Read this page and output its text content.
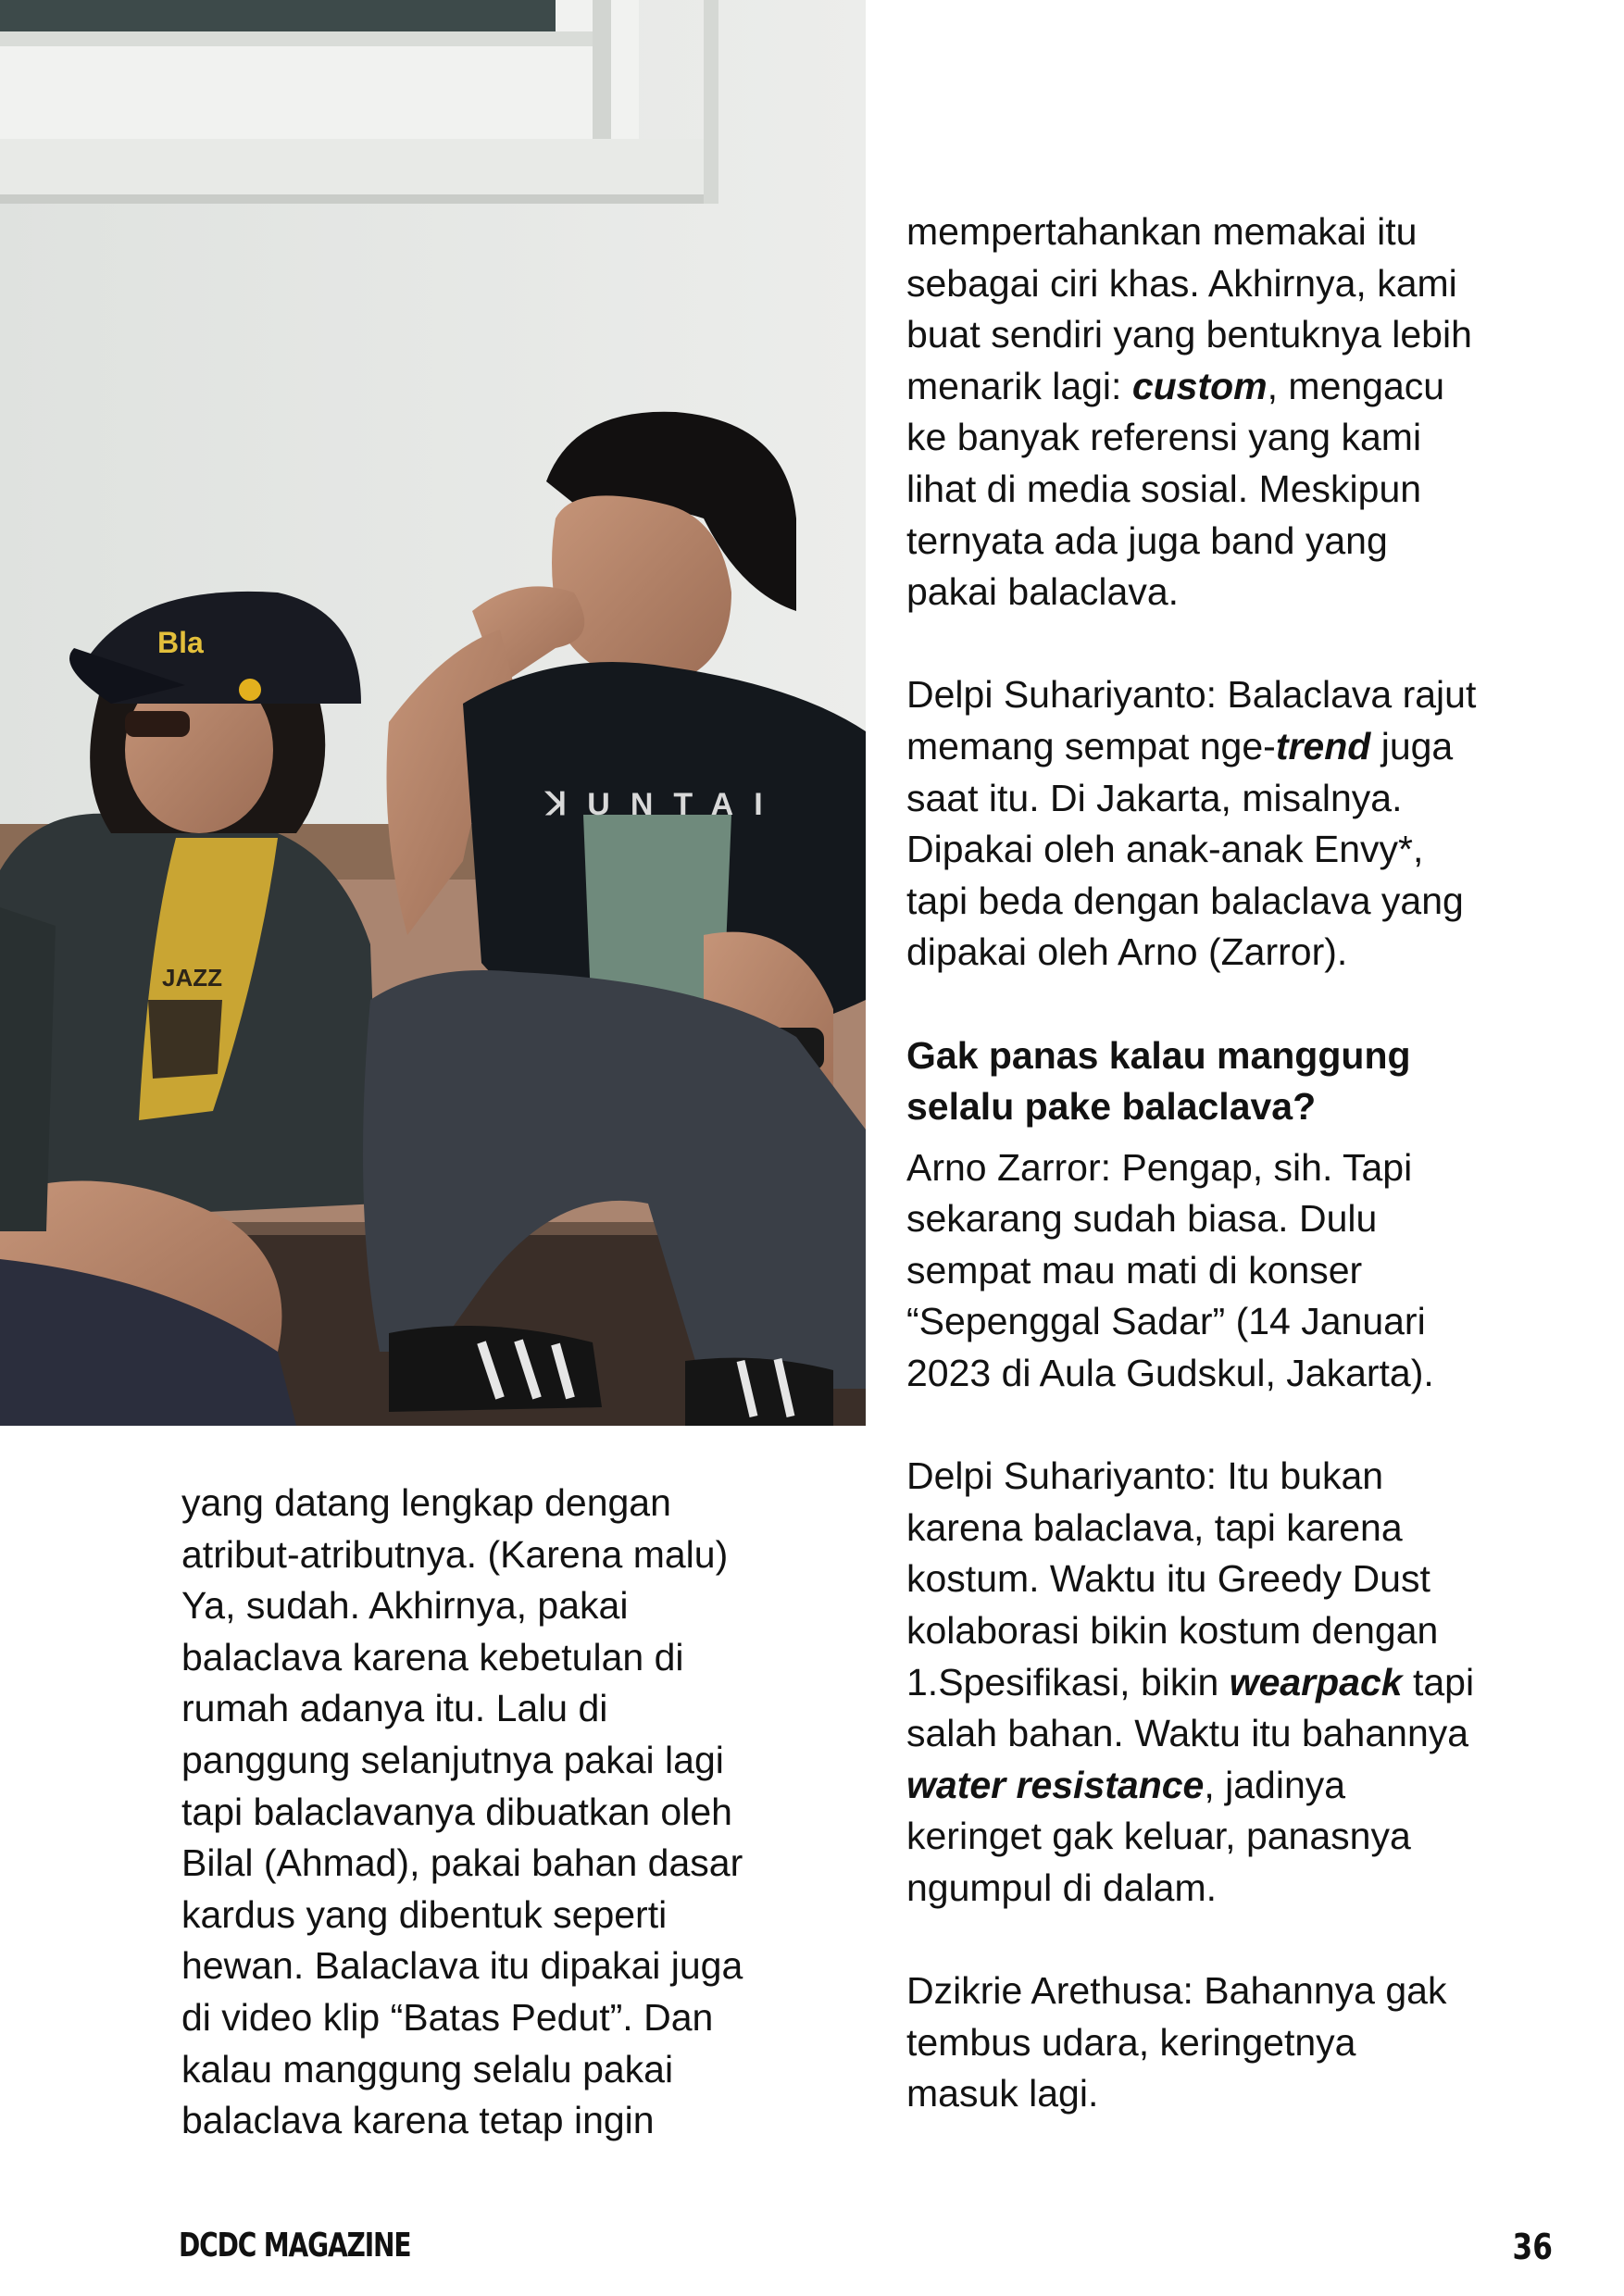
ꓘUNTAI
Bla
JAZZ

mempertahankan memakai itu
sebagai ciri khas. Akhirnya, kami
buat sendiri yang bentuknya lebih
menarik lagi: custom, mengacu
ke banyak referensi yang kami
lihat di media sosial. Meskipun
ternyata ada juga band yang
pakai balaclava.

Delpi Suhariyanto: Balaclava rajut
memang sempat nge-trend juga
saat itu. Di Jakarta, misalnya.
Dipakai oleh anak-anak Envy*,
tapi beda dengan balaclava yang
dipakai oleh Arno (Zarror).

Gak panas kalau manggung
selalu pake balaclava?

Arno Zarror: Pengap, sih. Tapi
sekarang sudah biasa. Dulu
sempat mau mati di konser
“Sepenggal Sadar” (14 Januari
2023 di Aula Gudskul, Jakarta).

Delpi Suhariyanto: Itu bukan
karena balaclava, tapi karena
kostum. Waktu itu Greedy Dust
kolaborasi bikin kostum dengan
1.Spesifikasi, bikin wearpack tapi
salah bahan. Waktu itu bahannya
water resistance, jadinya
keringet gak keluar, panasnya
ngumpul di dalam.

Dzikrie Arethusa: Bahannya gak
tembus udara, keringetnya
masuk lagi.

yang datang lengkap dengan
atribut-atributnya. (Karena malu)
Ya, sudah. Akhirnya, pakai
balaclava karena kebetulan di
rumah adanya itu. Lalu di
panggung selanjutnya pakai lagi
tapi balaclavanya dibuatkan oleh
Bilal (Ahmad), pakai bahan dasar
kardus yang dibentuk seperti
hewan. Balaclava itu dipakai juga
di video klip “Batas Pedut”. Dan
kalau manggung selalu pakai
balaclava karena tetap ingin

DCDC MAGAZINE	36
